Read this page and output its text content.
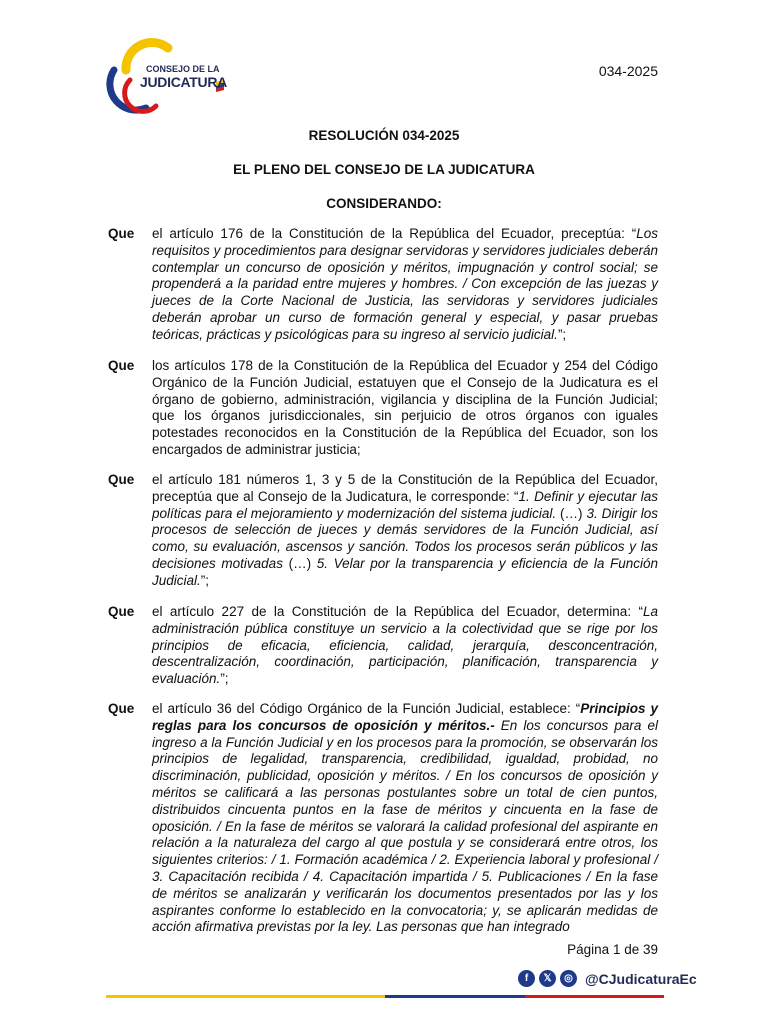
CONSEJO DE LA
JUDICATURA
034-2025
RESOLUCIÓN 034-2025
EL PLENO DEL CONSEJO DE LA JUDICATURA
CONSIDERANDO:
Que el artículo 176 de la Constitución de la República del Ecuador, preceptúa: “Los requisitos y procedimientos para designar servidoras y servidores judiciales deberán contemplar un concurso de oposición y méritos, impugnación y control social; se propenderá a la paridad entre mujeres y hombres. / Con excepción de las juezas y jueces de la Corte Nacional de Justicia, las servidoras y servidores judiciales deberán aprobar un curso de formación general y especial, y pasar pruebas teóricas, prácticas y psicológicas para su ingreso al servicio judicial.”;
Que los artículos 178 de la Constitución de la República del Ecuador y 254 del Código Orgánico de la Función Judicial, estatuyen que el Consejo de la Judicatura es el órgano de gobierno, administración, vigilancia y disciplina de la Función Judicial; que los órganos jurisdiccionales, sin perjuicio de otros órganos con iguales potestades reconocidos en la Constitución de la República del Ecuador, son los encargados de administrar justicia;
Que el artículo 181 números 1, 3 y 5 de la Constitución de la República del Ecuador, preceptúa que al Consejo de la Judicatura, le corresponde: “1. Definir y ejecutar las políticas para el mejoramiento y modernización del sistema judicial. (…) 3. Dirigir los procesos de selección de jueces y demás servidores de la Función Judicial, así como, su evaluación, ascensos y sanción. Todos los procesos serán públicos y las decisiones motivadas (…) 5. Velar por la transparencia y eficiencia de la Función Judicial.”;
Que el artículo 227 de la Constitución de la República del Ecuador, determina: “La administración pública constituye un servicio a la colectividad que se rige por los principios de eficacia, eficiencia, calidad, jerarquía, desconcentración, descentralización, coordinación, participación, planificación, transparencia y evaluación.”;
Que el artículo 36 del Código Orgánico de la Función Judicial, establece: “Principios y reglas para los concursos de oposición y méritos.- En los concursos para el ingreso a la Función Judicial y en los procesos para la promoción, se observarán los principios de legalidad, transparencia, credibilidad, igualdad, probidad, no discriminación, publicidad, oposición y méritos. / En los concursos de oposición y méritos se calificará a las personas postulantes sobre un total de cien puntos, distribuidos cincuenta puntos en la fase de méritos y cincuenta en la fase de oposición. / En la fase de méritos se valorará la calidad profesional del aspirante en relación a la naturaleza del cargo al que postula y se considerará entre otros, los siguientes criterios: / 1. Formación académica / 2. Experiencia laboral y profesional / 3. Capacitación recibida / 4. Capacitación impartida / 5. Publicaciones / En la fase de méritos se analizarán y verificarán los documentos presentados por las y los aspirantes conforme lo establecido en la convocatoria; y, se aplicarán medidas de acción afirmativa previstas por la ley. Las personas que han integrado
Página 1 de 39
f	𝕏	◎ @CJudicaturaEc
